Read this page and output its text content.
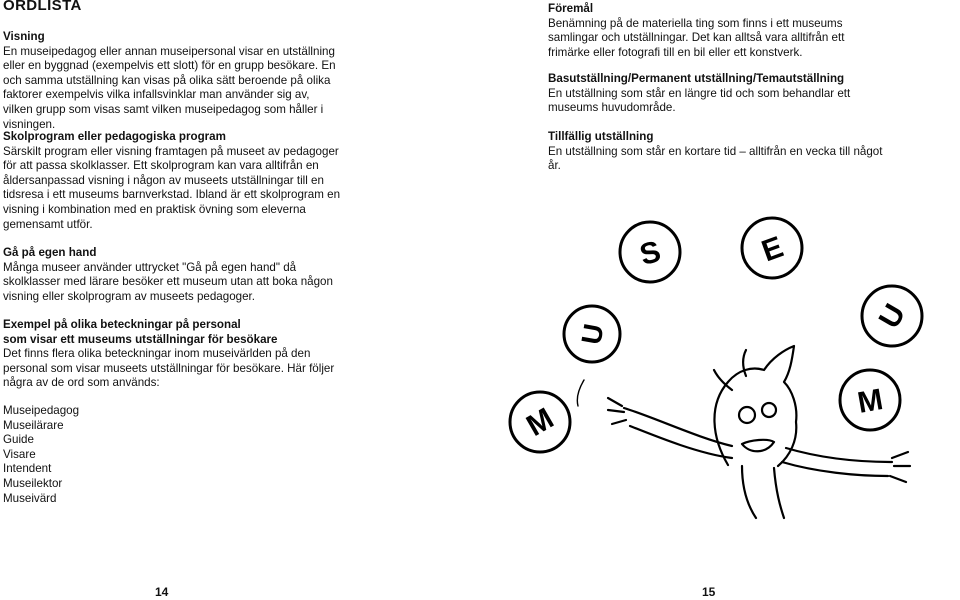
ORDLISTA
Visning
En museipedagog eller annan museipersonal visar en utställning eller en byggnad (exempelvis ett slott) för en grupp besökare. En och samma utställning kan visas på olika sätt beroende på olika faktorer exempelvis vilka infallsvinklar man använder sig av, vilken grupp som visas samt vilken museipedagog som håller i visningen.
Skolprogram eller pedagogiska program
Särskilt program eller visning framtagen på museet av pedagoger för att passa skolklasser. Ett skolprogram kan vara alltifrån en åldersanpassad visning i någon av museets utställningar till en tidsresa i ett museums barnverkstad. Ibland är ett skolprogram en visning i kombination med en praktisk övning som eleverna gemensamt utför.
Gå på egen hand
Många museer använder uttrycket "Gå på egen hand" då skolklasser med lärare besöker ett museum utan att boka någon visning eller skolprogram av museets pedagoger.
Exempel på olika beteckningar på personal
som visar ett museums utställningar för besökare
Det finns flera olika beteckningar inom museivärlden på den personal som visar museets utställningar för besökare. Här följer några av de ord som används:
Museipedagog
Museilärare
Guide
Visare
Intendent
Museilektor
Museivärd
14
Föremål
Benämning på de materiella ting som finns i ett museums samlingar och utställningar. Det kan alltså vara alltifrån ett frimärke eller fotografi till en bil eller ett konstverk.
Basutställning/Permanent utställning/Temautställning
En utställning som står en längre tid och som behandlar ett museums huvudområde.
Tillfällig utställning
En utställning som står en kortare tid – alltifrån en vecka till något år.
M
U
S	E
U
M
15
